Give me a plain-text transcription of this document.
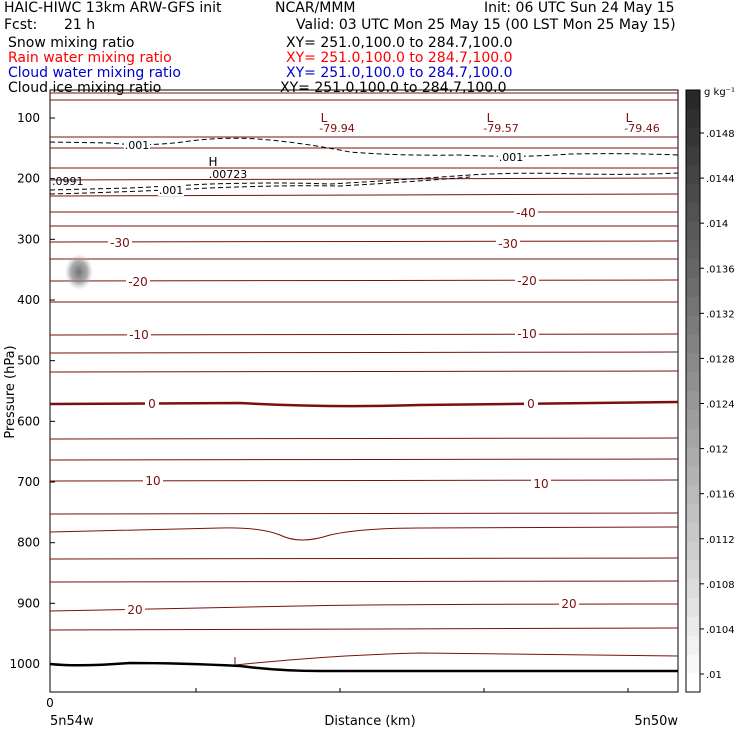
HAIC-HIWC 13km ARW-GFS init	NCAR/MMM	Init: 06 UTC Sun 24 May 15
Fcst: 21 h	Valid: 03 UTC Mon 25 May 15 (00 LST Mon 25 May 15)
Snow mixing ratio	XY= 251.0,100.0 to 284.7,100.0
Rain water mixing ratio	XY= 251.0,100.0 to 284.7,100.0
Cloud water mixing ratio	XY= 251.0,100.0 to 284.7,100.0
Cloud ice mixing ratio	XY= 251.0,100.0 to 284.7,100.0
100
200
300
400
500
600
700
800
900
1000
0
5n54w	5n50w
Distance (km)
Pressure (hPa)
-40
-30	-30
-20	-20
-10	-10
0	0
10	10
20	20
.001
.001
.001
.0991
L
-79.94
L
-79.57
L
-79.46
H
.00723
.0148
.0144
.014
.0136
.0132
.0128
.0124
.012
.0116
.0112
.0108
.0104
.01
g kg⁻¹
